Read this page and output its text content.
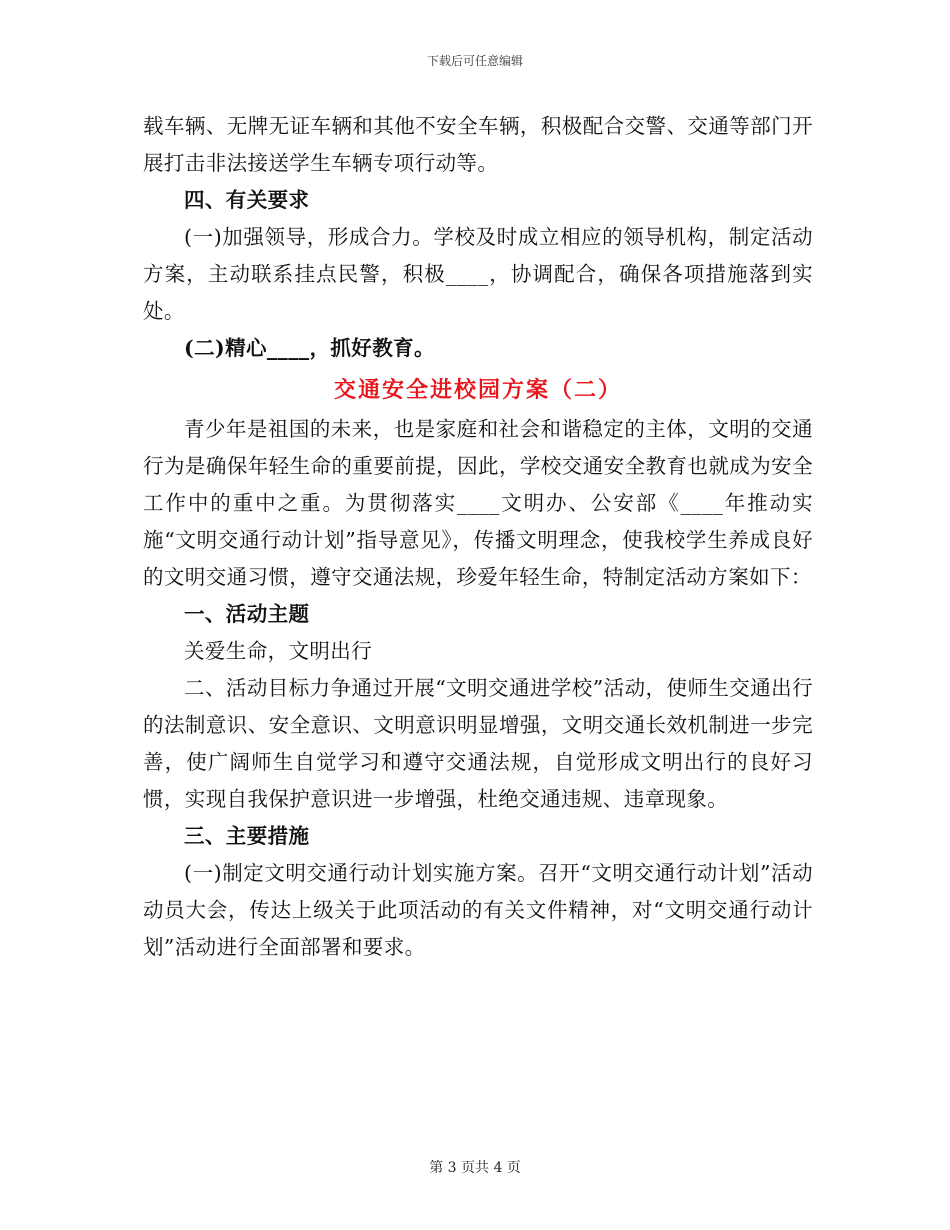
下载后可任意编辑

载车辆、无牌无证车辆和其他不安全车辆，积极配合交警、交通等部门开展打击非法接送学生车辆专项行动等。

四、有关要求

(一)加强领导，形成合力。学校及时成立相应的领导机构，制定活动方案，主动联系挂点民警，积极____，协调配合，确保各项措施落到实处。

(二)精心____，抓好教育。

交通安全进校园方案（二）

青少年是祖国的未来，也是家庭和社会和谐稳定的主体，文明的交通行为是确保年轻生命的重要前提，因此，学校交通安全教育也就成为安全工作中的重中之重。为贯彻落实____文明办、公安部《____年推动实施“文明交通行动计划”指导意见》，传播文明理念，使我校学生养成良好的文明交通习惯，遵守交通法规，珍爱年轻生命，特制定活动方案如下：

一、活动主题

关爱生命，文明出行

二、活动目标力争通过开展“文明交通进学校”活动，使师生交通出行的法制意识、安全意识、文明意识明显增强，文明交通长效机制进一步完善，使广阔师生自觉学习和遵守交通法规，自觉形成文明出行的良好习惯，实现自我保护意识进一步增强，杜绝交通违规、违章现象。

三、主要措施

(一)制定文明交通行动计划实施方案。召开“文明交通行动计划”活动动员大会，传达上级关于此项活动的有关文件精神，对“文明交通行动计划”活动进行全面部署和要求。

第 3 页共 4 页
